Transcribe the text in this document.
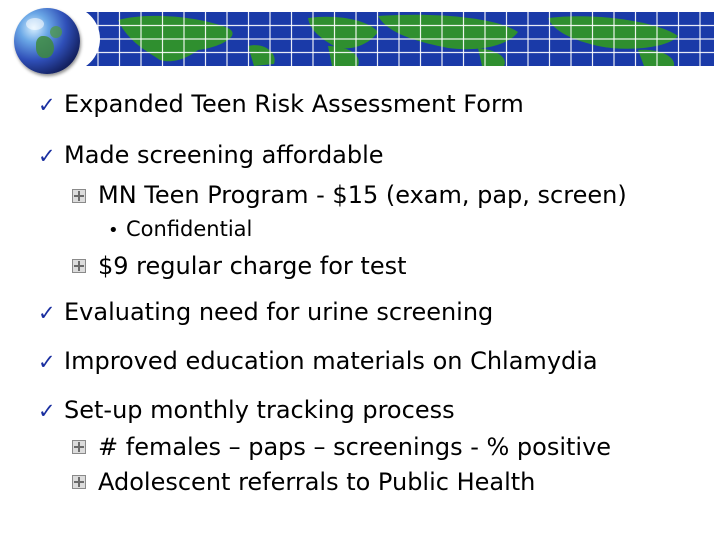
✓ Expanded Teen Risk Assessment Form
✓ Made screening affordable
MN Teen Program - $15 (exam, pap, screen)
• Confidential
$9 regular charge for test
✓ Evaluating need for urine screening
✓ Improved education materials on Chlamydia
✓ Set-up monthly tracking process
# females – paps – screenings - % positive
Adolescent referrals to Public Health
